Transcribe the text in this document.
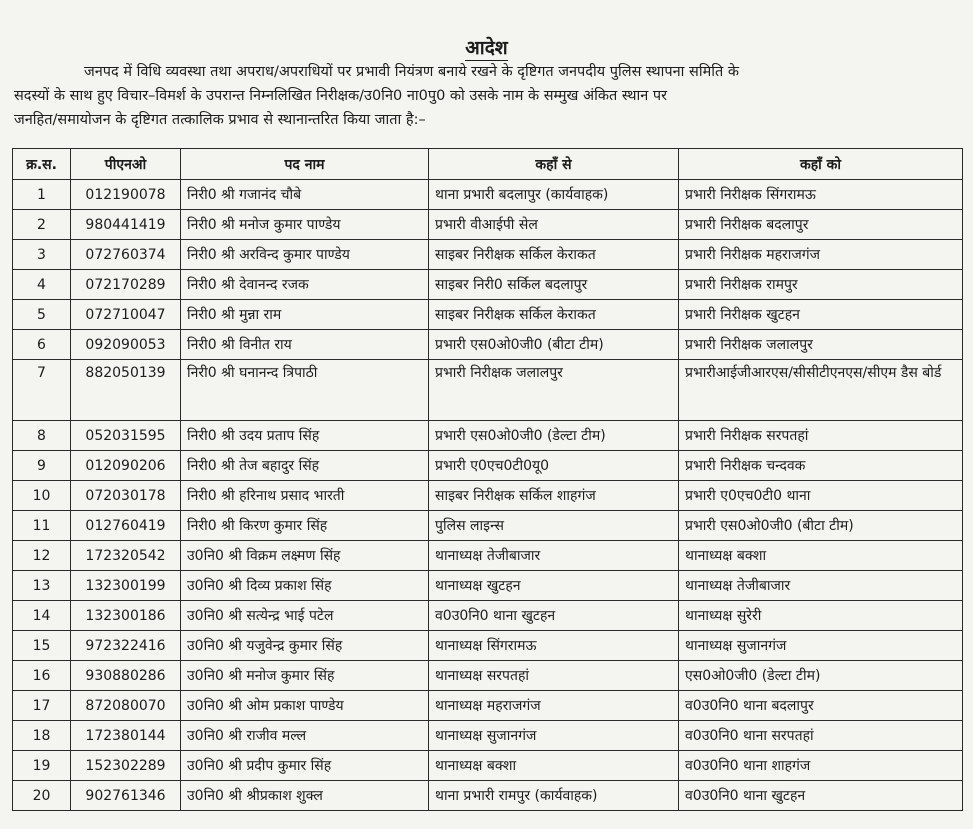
आदेश

जनपद में विधि व्यवस्था तथा अपराध/अपराधियों पर प्रभावी नियंत्रण बनाये रखने के दृष्टिगत जनपदीय पुलिस स्थापना समिति के

सदस्यों के साथ हुए विचार–विमर्श के उपरान्त निम्नलिखित निरीक्षक/उ0नि0 ना0पु0 को उसके नाम के सम्मुख अंकित स्थान पर

जनहित/समायोजन के दृष्टिगत तत्कालिक प्रभाव से स्थानान्तरित किया जाता है:–

क्र.स.	पीएनओ	पद नाम	कहाँ से	कहाँ को
1	012190078	निरी0 श्री गजानंद चौबे	थाना प्रभारी बदलापुर (कार्यवाहक)	प्रभारी निरीक्षक सिंगरामऊ
2	980441419	निरी0 श्री मनोज कुमार पाण्डेय	प्रभारी वीआईपी सेल	प्रभारी निरीक्षक बदलापुर
3	072760374	निरी0 श्री अरविन्द कुमार पाण्डेय	साइबर निरीक्षक सर्किल केराकत	प्रभारी निरीक्षक महराजगंज
4	072170289	निरी0 श्री देवानन्द रजक	साइबर निरी0 सर्किल बदलापुर	प्रभारी निरीक्षक रामपुर
5	072710047	निरी0 श्री मुन्ना राम	साइबर निरीक्षक सर्किल केराकत	प्रभारी निरीक्षक खुटहन
6	092090053	निरी0 श्री विनीत राय	प्रभारी एस0ओ0जी0 (बीटा टीम)	प्रभारी निरीक्षक जलालपुर
7	882050139	निरी0 श्री घनानन्द त्रिपाठी	प्रभारी निरीक्षक जलालपुर	प्रभारीआईजीआरएस/सीसीटीएनएस/सीएम डैस बोर्ड
8	052031595	निरी0 श्री उदय प्रताप सिंह	प्रभारी एस0ओ0जी0 (डेल्टा टीम)	प्रभारी निरीक्षक सरपतहां
9	012090206	निरी0 श्री तेज बहादुर सिंह	प्रभारी ए0एच0टी0यू0	प्रभारी निरीक्षक चन्दवक
10	072030178	निरी0 श्री हरिनाथ प्रसाद भारती	साइबर निरीक्षक सर्किल शाहगंज	प्रभारी ए0एच0टी0 थाना
11	012760419	निरी0 श्री किरण कुमार सिंह	पुलिस लाइन्स	प्रभारी एस0ओ0जी0 (बीटा टीम)
12	172320542	उ0नि0 श्री विक्रम लक्ष्मण सिंह	थानाध्यक्ष तेजीबाजार	थानाध्यक्ष बक्शा
13	132300199	उ0नि0 श्री दिव्य प्रकाश सिंह	थानाध्यक्ष खुटहन	थानाध्यक्ष तेजीबाजार
14	132300186	उ0नि0 श्री सत्येन्द्र भाई पटेल	व0उ0नि0 थाना खुटहन	थानाध्यक्ष सुरेरी
15	972322416	उ0नि0 श्री यजुवेन्द्र कुमार सिंह	थानाध्यक्ष सिंगरामऊ	थानाध्यक्ष सुजानगंज
16	930880286	उ0नि0 श्री मनोज कुमार सिंह	थानाध्यक्ष सरपतहां	एस0ओ0जी0 (डेल्टा टीम)
17	872080070	उ0नि0 श्री ओम प्रकाश पाण्डेय	थानाध्यक्ष महराजगंज	व0उ0नि0 थाना बदलापुर
18	172380144	उ0नि0 श्री राजीव मल्ल	थानाध्यक्ष सुजानगंज	व0उ0नि0 थाना सरपतहां
19	152302289	उ0नि0 श्री प्रदीप कुमार सिंह	थानाध्यक्ष बक्शा	व0उ0नि0 थाना शाहगंज
20	902761346	उ0नि0 श्री श्रीप्रकाश शुक्ल	थाना प्रभारी रामपुर (कार्यवाहक)	व0उ0नि0 थाना खुटहन
